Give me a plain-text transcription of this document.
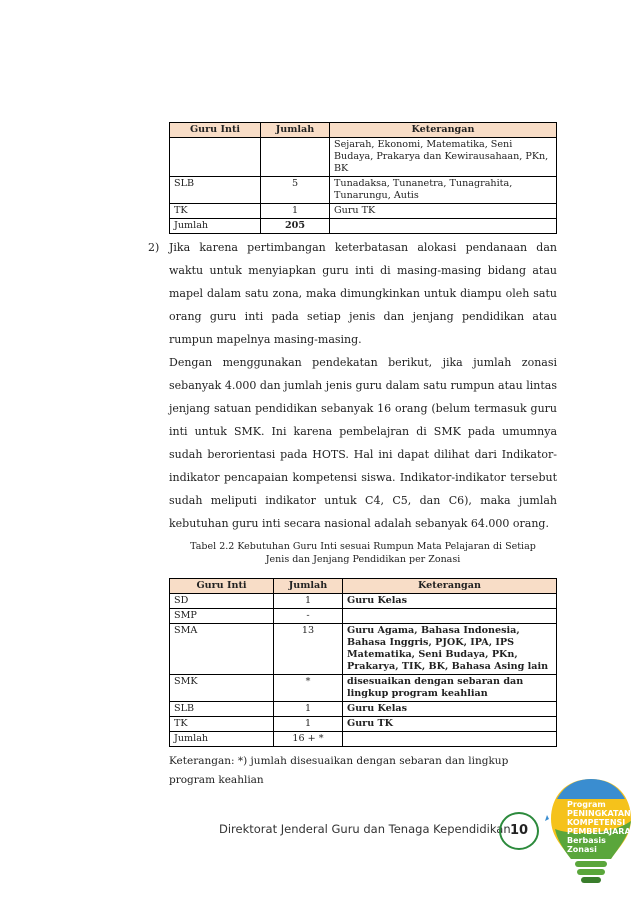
Guru Inti	Jumlah	Keterangan
		Sejarah, Ekonomi, Matematika, Seni Budaya, Prakarya dan Kewirausahaan, PKn, BK
SLB	5	Tunadaksa, Tunanetra, Tunagrahita, Tunarungu, Autis
TK	1	Guru TK
Jumlah	205	
2) Jika karena pertimbangan keterbatasan alokasi pendanaan dan waktu untuk menyiapkan guru inti di masing-masing bidang atau mapel dalam satu zona, maka dimungkinkan untuk diampu oleh satu orang guru inti pada setiap jenis dan jenjang pendidikan atau rumpun mapelnya masing-masing.
Dengan menggunakan pendekatan berikut, jika jumlah zonasi sebanyak 4.000 dan jumlah jenis guru dalam satu rumpun atau lintas jenjang satuan pendidikan sebanyak 16 orang (belum termasuk guru inti untuk SMK. Ini karena pembelajran di SMK pada umumnya sudah berorientasi pada HOTS. Hal ini dapat dilihat dari Indikator-indikator pencapaian kompetensi siswa. Indikator-indikator tersebut sudah meliputi indikator untuk C4, C5, dan C6), maka jumlah kebutuhan guru inti secara nasional adalah sebanyak 64.000 orang.
Tabel 2.2 Kebutuhan Guru Inti sesuai Rumpun Mata Pelajaran di Setiap
Jenis dan Jenjang Pendidikan per Zonasi
Guru Inti	Jumlah	Keterangan
SD	1	Guru Kelas
SMP	-	
SMA	13	Guru Agama, Bahasa Indonesia, Bahasa Inggris, PJOK, IPA, IPS Matematika, Seni Budaya, PKn, Prakarya, TIK, BK, Bahasa Asing lain
SMK	*	disesuaikan dengan sebaran dan lingkup program keahlian
SLB	1	Guru Kelas
TK	1	Guru TK
Jumlah	16 + *	
Keterangan: *) jumlah disesuaikan dengan sebaran dan lingkup
program keahlian
Direktorat Jenderal Guru dan Tenaga Kependidikan 10
Program
PENINGKATAN
KOMPETENSI
PEMBELAJARAN
Berbasis
Zonasi
